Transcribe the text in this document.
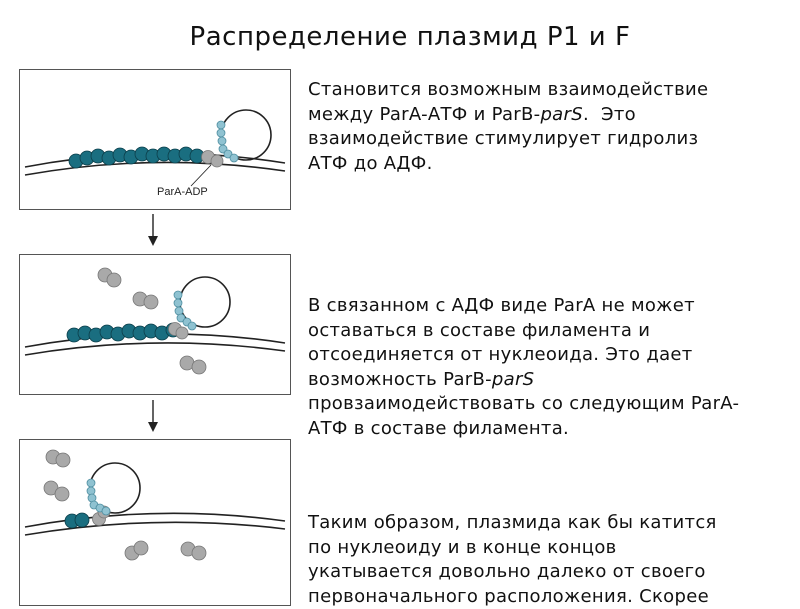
Распределение плазмид P1 и F
ParA-ADP
Становится возможным взаимодействие
между ParA-АТФ и ParB-parS.  Это
взаимодействие стимулирует гидролиз
АТФ до АДФ.
В связанном с АДФ виде ParA не может
оставаться в составе филамента и
отсоединяется от нуклеоида. Это дает
возможность ParB-parS
провзаимодействовать со следующим ParA-
АТФ в составе филамента.
Таким образом, плазмида как бы катится
по нуклеоиду и в конце концов
укатывается довольно далеко от своего
первоначального расположения. Скорее
